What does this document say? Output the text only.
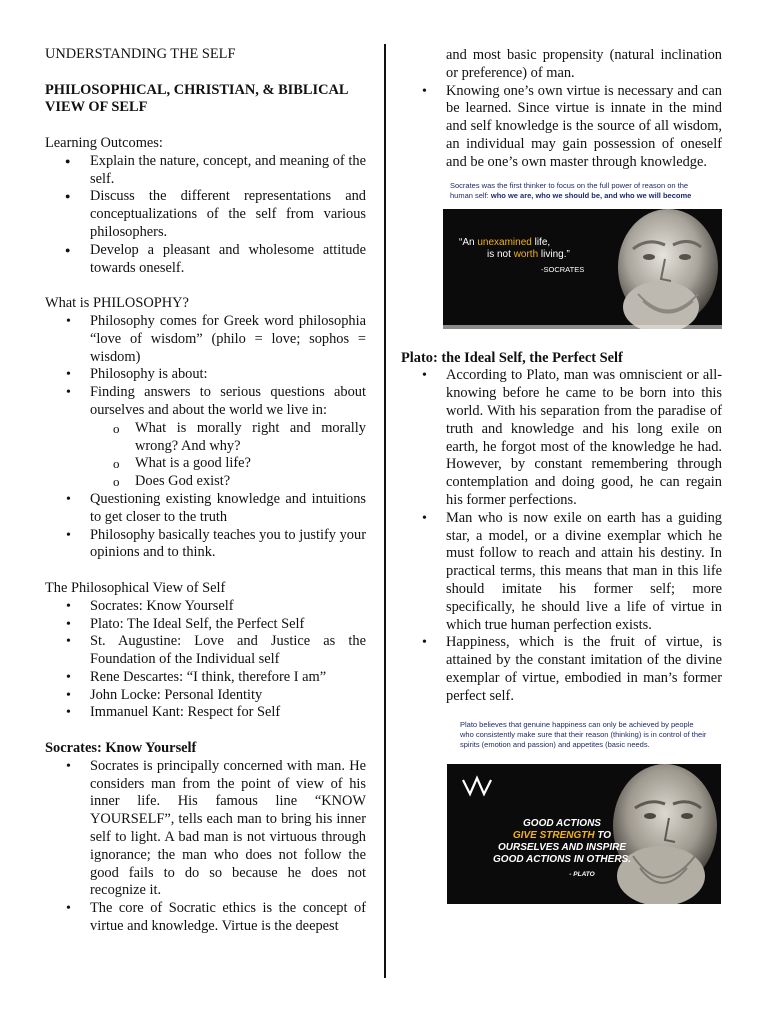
UNDERSTANDING THE SELF

PHILOSOPHICAL, CHRISTIAN, & BIBLICAL VIEW OF SELF

Learning Outcomes:

● Explain the nature, concept, and meaning of the self.
● Discuss the different representations and conceptualizations of the self from various philosophers.
● Develop a pleasant and wholesome attitude towards oneself.

What is PHILOSOPHY?

• Philosophy comes for Greek word philosophia “love of wisdom” (philo = love; sophos = wisdom)
• Philosophy is about:
• Finding answers to serious questions about ourselves and about the world we live in:
o What is morally right and morally wrong? And why?
o What is a good life?
o Does God exist?
• Questioning existing knowledge and intuitions to get closer to the truth
• Philosophy basically teaches you to justify your opinions and to think.

The Philosophical View of Self

• Socrates: Know Yourself
• Plato: The Ideal Self, the Perfect Self
• St. Augustine: Love and Justice as the Foundation of the Individual self
• Rene Descartes: “I think, therefore I am”
• John Locke: Personal Identity
• Immanuel Kant: Respect for Self

Socrates: Know Yourself

• Socrates is principally concerned with man. He considers man from the point of view of his inner life. His famous line “KNOW YOURSELF”, tells each man to bring his inner self to light. A bad man is not virtuous through ignorance; the man who does not follow the good fails to do so because he does not recognize it.
• The core of Socratic ethics is the concept of virtue and knowledge. Virtue is the deepest

and most basic propensity (natural inclination or preference) of man.

• Knowing one’s own virtue is necessary and can be learned. Since virtue is innate in the mind and self knowledge is the source of all wisdom, an individual may gain possession of oneself and be one’s own master through knowledge.

Socrates was the first thinker to focus on the full power of reason on the human self: who we are, who we should be, and who we will become

“An unexamined life,
is not worth living.”
-SOCRATES

Plato: the Ideal Self, the Perfect Self

• According to Plato, man was omniscient or all-knowing before he came to be born into this world. With his separation from the paradise of truth and knowledge and his long exile on earth, he forgot most of the knowledge he had. However, by constant remembering through contemplation and doing good, he can regain his former perfections.
• Man who is now exile on earth has a guiding star, a model, or a divine exemplar which he must follow to reach and attain his destiny. In practical terms, this means that man in this life should imitate his former self; more specifically, he should live a life of virtue in which true human perfection exists.
• Happiness, which is the fruit of virtue, is attained by the constant imitation of the divine exemplar of virtue, embodied in man’s former perfect self.

Plato believes that genuine happiness can only be achieved by people who consistently make sure that their reason (thinking) is in control of their spirits (emotion and passion) and appetites (basic needs.

GOOD ACTIONS
GIVE STRENGTH TO
OURSELVES AND INSPIRE
GOOD ACTIONS IN OTHERS.
- PLATO
